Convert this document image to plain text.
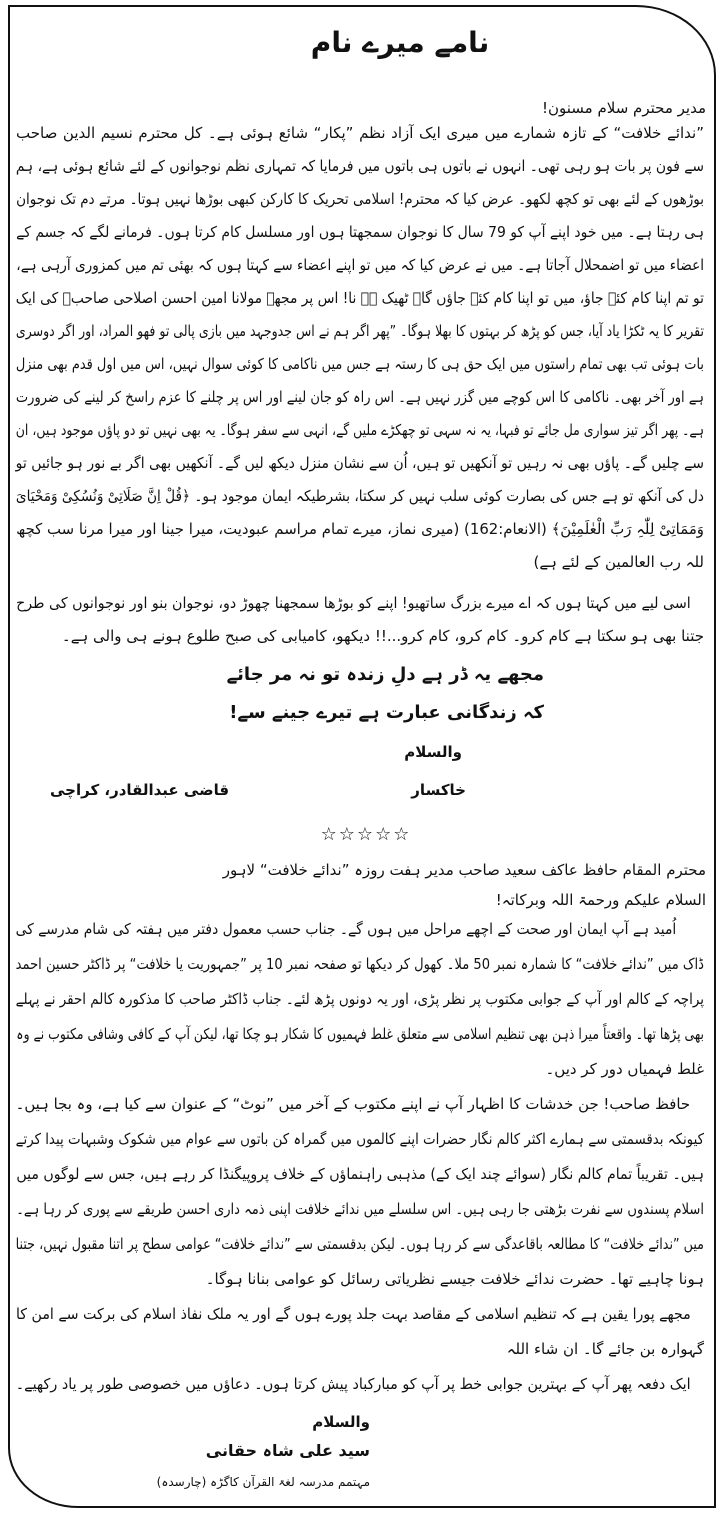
نامے میرے نام
مدیر محترم سلام مسنون!
”ندائے خلافت“ کے تازہ شمارے میں میری ایک آزاد نظم ”پکار“ شائع ہوئی ہے۔ کل محترم نسیم الدین صاحب
سے فون پر بات ہو رہی تھی۔ انہوں نے باتوں ہی باتوں میں فرمایا کہ تمہاری نظم نوجوانوں کے لئے شائع ہوئی ہے، ہم
بوڑھوں کے لئے بھی تو کچھ لکھو۔ عرض کیا کہ محترم! اسلامی تحریک کا کارکن کبھی بوڑھا نہیں ہوتا۔ مرتے دم تک نوجوان
ہی رہتا ہے۔ میں خود اپنے آپ کو 79 سال کا نوجوان سمجھتا ہوں اور مسلسل کام کرتا ہوں۔ فرمانے لگے کہ جسم کے
اعضاء میں تو اضمحلال آجاتا ہے۔ میں نے عرض کیا کہ میں تو اپنے اعضاء سے کہتا ہوں کہ بھئی تم میں کمزوری آرہی ہے،
تو تم اپنا کام کئے جاؤ، میں تو اپنا کام کئے جاؤں گا۔ ٹھیک ہے نا! اس پر مجھے مولانا امین احسن اصلاحی صاحبؒ کی ایک
تقریر کا یہ ٹکڑا یاد آیا، جس کو پڑھ کر بہتوں کا بھلا ہوگا۔ ”پھر اگر ہم نے اس جدوجہد میں بازی پالی تو فھو المراد، اور اگر دوسری
بات ہوئی تب بھی تمام راستوں میں ایک حق ہی کا رستہ ہے جس میں ناکامی کا کوئی سوال نہیں، اس میں اول قدم بھی منزل
ہے اور آخر بھی۔ ناکامی کا اس کوچے میں گزر نہیں ہے۔ اس راہ کو جان لینے اور اس پر چلنے کا عزم راسخ کر لینے کی ضرورت
ہے۔ پھر اگر تیز سواری مل جائے تو فبہا، یہ نہ سہی تو چھکڑے ملیں گے، انہی سے سفر ہوگا۔ یہ بھی نہیں تو دو پاؤں موجود ہیں، ان
سے چلیں گے۔ پاؤں بھی نہ رہیں تو آنکھیں تو ہیں، اُن سے نشان منزل دیکھ لیں گے۔ آنکھیں بھی اگر بے نور ہو جائیں تو
دل کی آنکھ تو ہے جس کی بصارت کوئی سلب نہیں کر سکتا، بشرطیکہ ایمان موجود ہو۔ ﴿قُلْ اِنَّ صَلَاتِیْ وَنُسُکِیْ وَمَحْیَایَ
وَمَمَاتِیْ لِلّٰہِ رَبِّ الْعٰلَمِیْنَ﴾ (الانعام:162) (میری نماز، میرے تمام مراسم عبودیت، میرا جینا اور میرا مرنا سب کچھ
للہ رب العالمین کے لئے ہے)
اسی لیے میں کہتا ہوں کہ اے میرے بزرگ ساتھیو! اپنے کو بوڑھا سمجھنا چھوڑ دو، نوجوان بنو اور نوجوانوں کی طرح
جتنا بھی ہو سکتا ہے کام کرو۔ کام کرو، کام کرو...!! دیکھو، کامیابی کی صبح طلوع ہونے ہی والی ہے۔
مجھے یہ ڈر ہے دلِ زندہ تو نہ مر جائے
کہ زندگانی عبارت ہے تیرے جینے سے!
والسلام
خاکسار
قاضی عبدالقادر، کراچی
☆☆☆☆☆
محترم المقام حافظ عاکف سعید صاحب مدیر ہفت روزہ ”ندائے خلافت“ لاہور
السلام علیکم ورحمۃ اللہ وبرکاتہ!
اُمید ہے آپ ایمان اور صحت کے اچھے مراحل میں ہوں گے۔ جناب حسب معمول دفتر میں ہفتہ کی شام مدرسے کی
ڈاک میں ”ندائے خلافت“ کا شمارہ نمبر 50 ملا۔ کھول کر دیکھا تو صفحہ نمبر 10 پر ”جمہوریت یا خلافت“ پر ڈاکٹر حسین احمد
پراچہ کے کالم اور آپ کے جوابی مکتوب پر نظر پڑی، اور یہ دونوں پڑھ لئے۔ جناب ڈاکٹر صاحب کا مذکورہ کالم احقر نے پہلے
بھی پڑھا تھا۔ واقعتاً میرا ذہن بھی تنظیم اسلامی سے متعلق غلط فہمیوں کا شکار ہو چکا تھا، لیکن آپ کے کافی وشافی مکتوب نے وہ
غلط فہمیاں دور کر دیں۔
حافظ صاحب! جن خدشات کا اظہار آپ نے اپنے مکتوب کے آخر میں ”نوٹ“ کے عنوان سے کیا ہے، وہ بجا ہیں۔
کیونکہ بدقسمتی سے ہمارے اکثر کالم نگار حضرات اپنے کالموں میں گمراہ کن باتوں سے عوام میں شکوک وشبہات پیدا کرتے
ہیں۔ تقریباً تمام کالم نگار (سوائے چند ایک کے) مذہبی راہنماؤں کے خلاف پروپیگنڈا کر رہے ہیں، جس سے لوگوں میں
اسلام پسندوں سے نفرت بڑھتی جا رہی ہیں۔ اس سلسلے میں ندائے خلافت اپنی ذمہ داری احسن طریقے سے پوری کر رہا ہے۔
میں ”ندائے خلافت“ کا مطالعہ باقاعدگی سے کر رہا ہوں۔ لیکن بدقسمتی سے ”ندائے خلافت“ عوامی سطح پر اتنا مقبول نہیں، جتنا
ہونا چاہیے تھا۔ حضرت ندائے خلافت جیسے نظریاتی رسائل کو عوامی بنانا ہوگا۔
مجھے پورا یقین ہے کہ تنظیم اسلامی کے مقاصد بہت جلد پورے ہوں گے اور یہ ملک نفاذ اسلام کی برکت سے امن کا
گہوارہ بن جائے گا۔ ان شاء اللہ
ایک دفعہ پھر آپ کے بہترین جوابی خط پر آپ کو مبارکباد پیش کرتا ہوں۔ دعاؤں میں خصوصی طور پر یاد رکھیے۔
والسلام
سید علی شاہ حقانی
مہتمم مدرسہ لغۃ القرآن کاگڑہ (چارسدہ)
